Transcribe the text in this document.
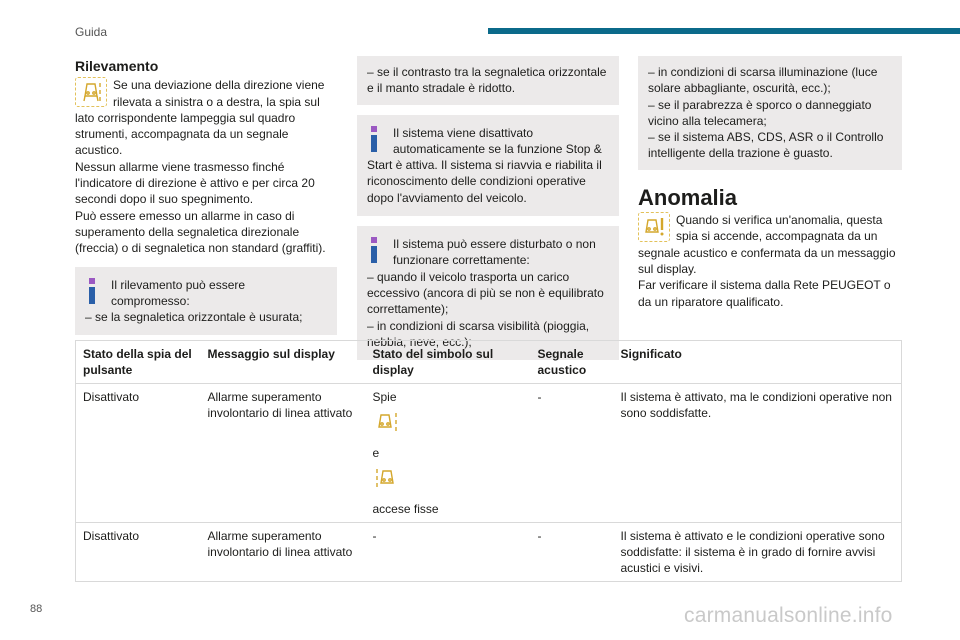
Guida
Rilevamento
Se una deviazione della direzione viene rilevata a sinistra o a destra, la spia sul lato corrispondente lampeggia sul quadro strumenti, accompagnata da un segnale acustico.
Nessun allarme viene trasmesso finché l'indicatore di direzione è attivo e per circa 20 secondi dopo il suo spegnimento.
Può essere emesso un allarme in caso di superamento della segnaletica direzionale (freccia) o di segnaletica non standard (graffiti).
Il rilevamento può essere compromesso:
– se la segnaletica orizzontale è usurata;
– se il contrasto tra la segnaletica orizzontale e il manto stradale è ridotto.
Il sistema viene disattivato automaticamente se la funzione Stop & Start è attiva. Il sistema si riavvia e riabilita il riconoscimento delle condizioni operative dopo l'avviamento del veicolo.
Il sistema può essere disturbato o non funzionare correttamente:
– quando il veicolo trasporta un carico eccessivo (ancora di più se non è equilibrato correttamente);
– in condizioni di scarsa visibilità (pioggia, nebbia, neve, ecc.);
– in condizioni di scarsa illuminazione (luce solare abbagliante, oscurità, ecc.);
– se il parabrezza è sporco o danneggiato vicino alla telecamera;
– se il sistema ABS, CDS, ASR o il Controllo intelligente della trazione è guasto.
Anomalia
Quando si verifica un'anomalia, questa spia si accende, accompagnata da un segnale acustico e confermata da un messaggio sul display.
Far verificare il sistema dalla Rete PEUGEOT o da un riparatore qualificato.
Stato della spia del pulsante	Messaggio sul display	Stato del simbolo sul display	Segnale acustico	Significato
Disattivato	Allarme superamento involontario di linea attivato	Spie
e
accese fisse	-	Il sistema è attivato, ma le condizioni operative non sono soddisfatte.
Disattivato	Allarme superamento involontario di linea attivato	-	-	Il sistema è attivato e le condizioni operative sono soddisfatte: il sistema è in grado di fornire avvisi acustici e visivi.
88	carmanualsonline.info
